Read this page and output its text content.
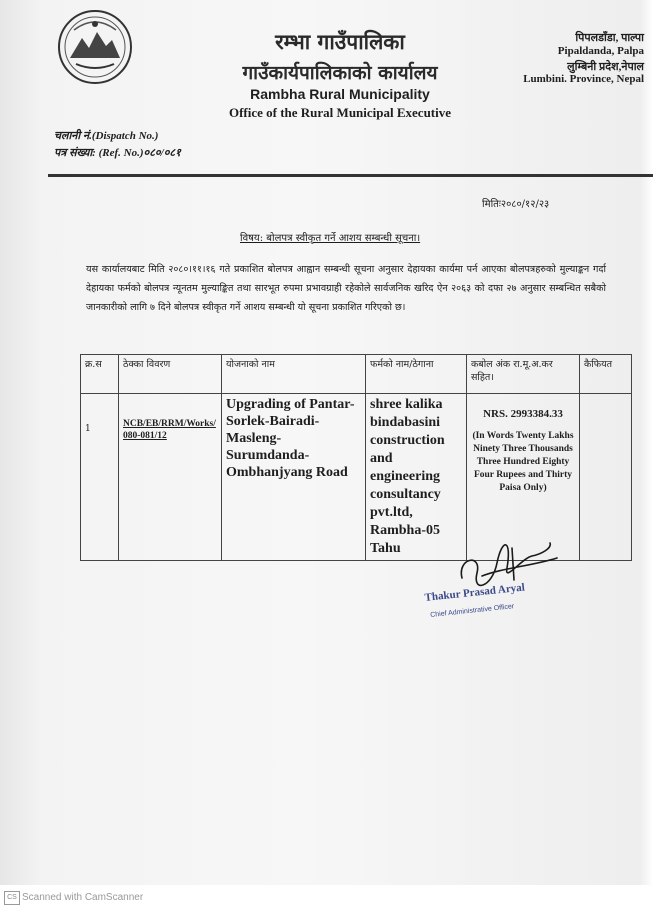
रम्भा गाउँपालिका
गाउँकार्यपालिकाको कार्यालय
Rambha Rural Municipality
Office of the Rural Municipal Executive
पिपलडाँडा, पाल्पा
Pipaldanda, Palpa
लुम्बिनी प्रदेश,नेपाल
Lumbini. Province, Nepal
चलानी नं.(Dispatch No.)
पत्र संख्या: (Ref. No.)०८०/०८१
मितिः२०८०/१२/२३
विषय: बोलपत्र स्वीकृत गर्ने आशय सम्बन्धी सूचना।
यस कार्यालयबाट मिति २०८०।११।१६ गते प्रकाशित बोलपत्र आह्वान सम्बन्धी सूचना अनुसार देहायका कार्यमा पर्न आएका बोलपत्रहरुको मुल्याङ्कन गर्दा देहायका फर्मको बोलपत्र न्यूनतम मुल्याङ्कित तथा सारभूत रुपमा प्रभावग्राही रहेकोले सार्वजनिक खरिद ऐन २०६३ को दफा २७ अनुसार सम्बन्धित सबैको जानकारीको लागि ७ दिने बोलपत्र स्वीकृत गर्ने आशय सम्बन्धी यो सूचना प्रकाशित गरिएको छ।
क्र.स	ठेक्का विवरण	योजनाको नाम	फर्मको नाम/ठेगाना	कबोल अंक रा.मू.अ.कर सहित।	कैफियत

1	NCB/EB/RRM/Works/080-081/12	Upgrading of Pantar-Sorlek-Bairadi-Masleng-Surumdanda-Ombhanjyang Road	shree kalika bindabasini construction and engineering consultancy pvt.ltd, Rambha-05 Tahu	NRS. 2993384.33
(In Words Twenty Lakhs Ninety Three Thousands Three Hundred Eighty Four Rupees and Thirty Paisa Only)	

Thakur Prasad Aryal
Chief Administrative Officer
CS Scanned with CamScanner
